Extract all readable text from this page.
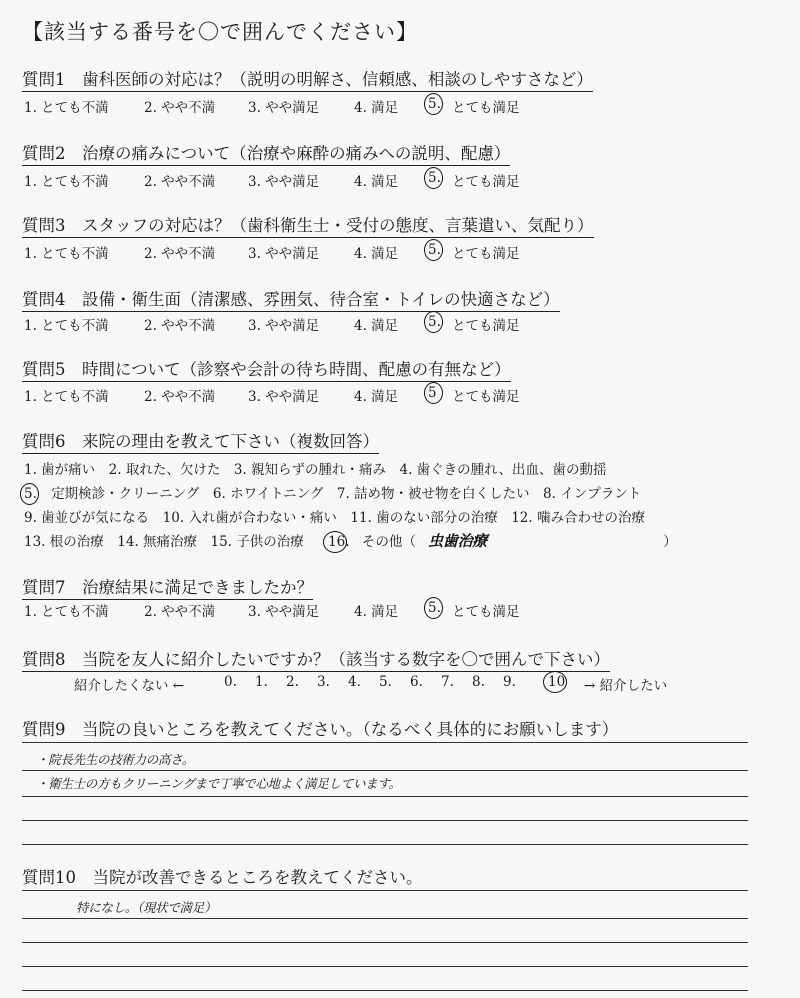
【該当する番号を〇で囲んでください】
質問1　歯科医師の対応は？（説明の明解さ、信頼感、相談のしやすさなど）
1. とても不満	2. やや不満 3. やや満足	4. 満足 5. とても満足
質問2　治療の痛みについて（治療や麻酔の痛みへの説明、配慮）
1. とても不満	2. やや不満 3. やや満足	4. 満足 5. とても満足
質問3　スタッフの対応は？（歯科衛生士・受付の態度、言葉遣い、気配り）
1. とても不満	2. やや不満 3. やや満足	4. 満足 5. とても満足
質問4　設備・衛生面（清潔感、雰囲気、待合室・トイレの快適さなど）
1. とても不満	2. やや不満 3. やや満足	4. 満足 5. とても満足
質問5　時間について（診察や会計の待ち時間、配慮の有無など）
1. とても不満	2. やや不満 3. やや満足	4. 満足 5 とても満足
質問6　来院の理由を教えて下さい（複数回答）
1. 歯が痛い　2. 取れた、欠けた　3. 親知らずの腫れ・痛み　4. 歯ぐきの腫れ、出血、歯の動揺
5. 定期検診・クリーニング　6. ホワイトニング　7. 詰め物・被せ物を白くしたい　8. インプラント
9. 歯並びが気になる　10. 入れ歯が合わない・痛い　11. 歯のない部分の治療　12. 噛み合わせの治療
13. 根の治療　14. 無痛治療　15. 子供の治療 16. その他（ 虫歯治療	）
質問7　治療結果に満足できましたか？
1. とても不満	2. やや不満 3. やや満足	4. 満足 5. とても満足
質問8　当院を友人に紹介したいですか？（該当する数字を〇で囲んで下さい）
紹介したくない ←	0. 1. 2. 3. 4. 5. 6. 7. 8. 9. 10 → 紹介したい
質問9　当院の良いところを教えてください。（なるべく具体的にお願いします）
・院長先生の技術力の高さ。
・衛生士の方もクリーニングまで丁寧で心地よく満足しています。
質問10　当院が改善できるところを教えてください。
特になし。（現状で満足）
